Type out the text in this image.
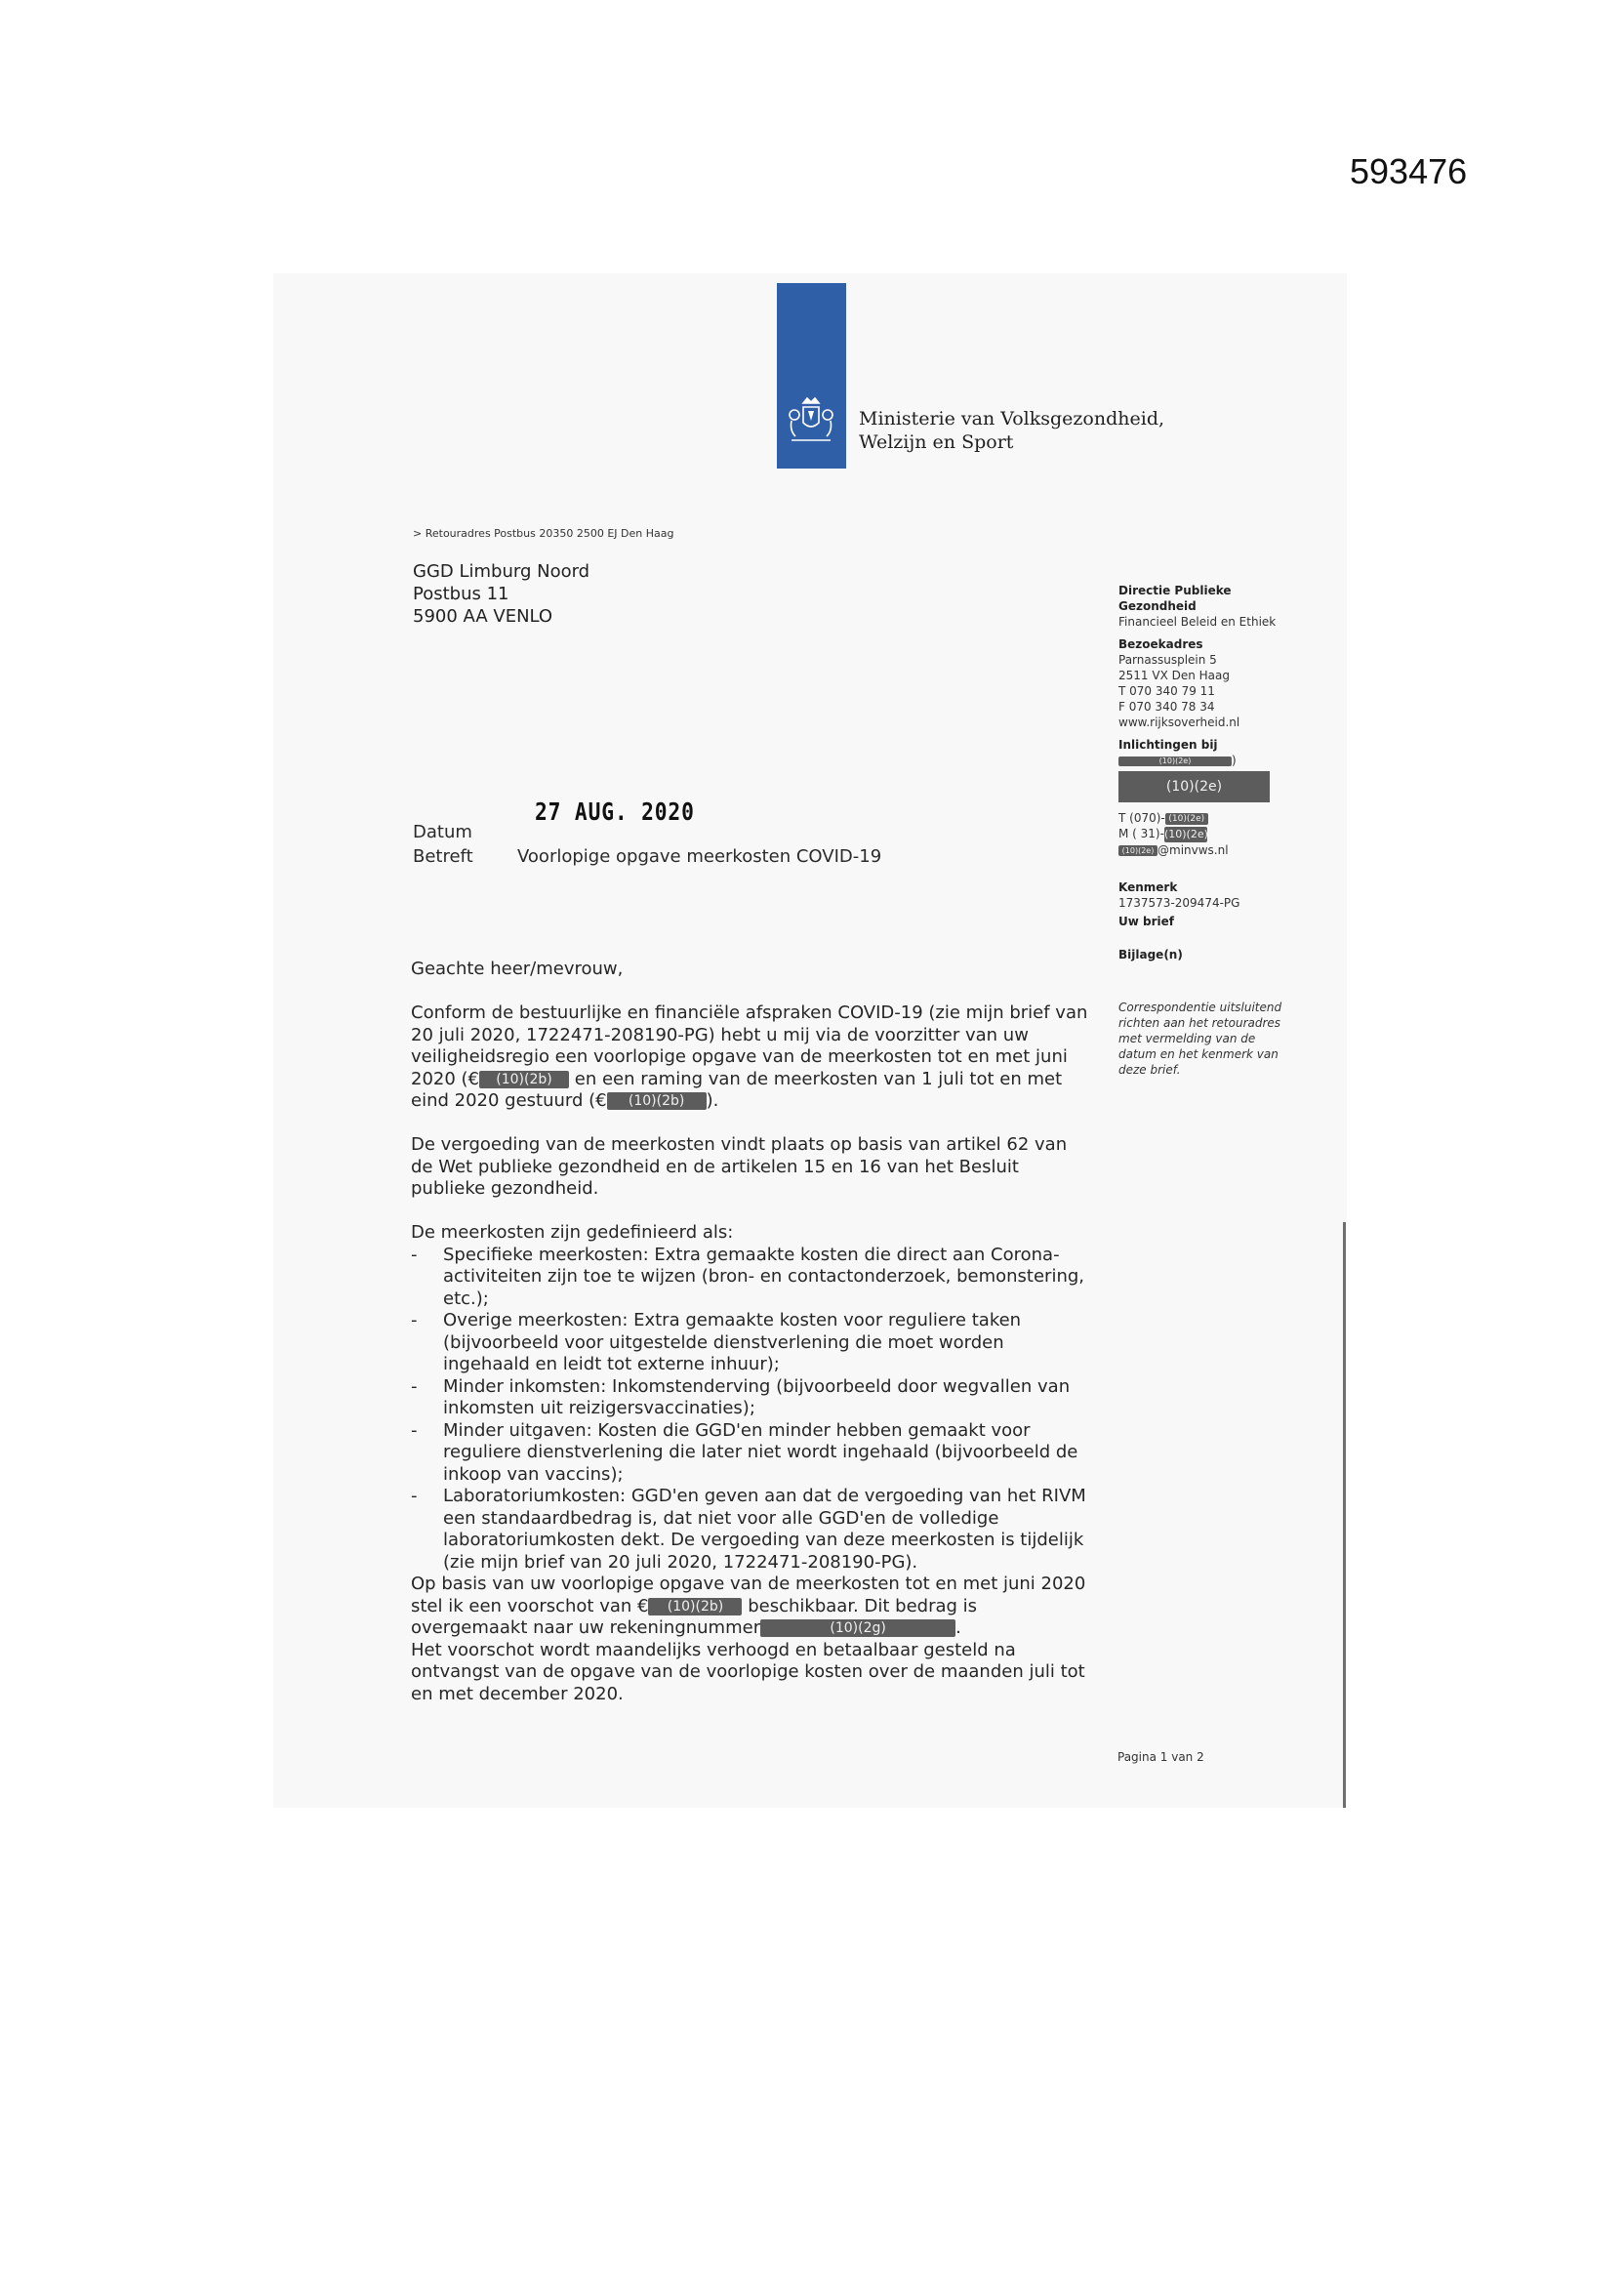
593476
Ministerie van Volksgezondheid,
Welzijn en Sport
> Retouradres Postbus 20350 2500 EJ Den Haag
GGD Limburg Noord
Postbus 11
5900 AA VENLO
27 AUG. 2020
Datum
Betreft	Voorlopige opgave meerkosten COVID-19
Directie Publieke
Gezondheid
Financieel Beleid en Ethiek
Bezoekadres
Parnassusplein 5
2511 VX Den Haag
T 070 340 79 11
F 070 340 78 34
www.rijksoverheid.nl
Inlichtingen bij
(10)(2e)	)
(10)(2e)
T (070)- (10)(2e)
M ( 31)-(10)(2e)
(10)(2e) @minvws.nl
Kenmerk
1737573-209474-PG
Uw brief
Bijlage(n)
Correspondentie uitsluitend richten aan het retouradres met vermelding van de datum en het kenmerk van deze brief.

Geachte heer/mevrouw,

Conform de bestuurlijke en financiële afspraken COVID-19 (zie mijn brief van 20 juli 2020, 1722471-208190-PG) hebt u mij via de voorzitter van uw veiligheidsregio een voorlopige opgave van de meerkosten tot en met juni 2020 (€ (10)(2b) en een raming van de meerkosten van 1 juli tot en met eind 2020 gestuurd (€ (10)(2b) ).

De vergoeding van de meerkosten vindt plaats op basis van artikel 62 van de Wet publieke gezondheid en de artikelen 15 en 16 van het Besluit publieke gezondheid.

De meerkosten zijn gedefinieerd als:

- Specifieke meerkosten: Extra gemaakte kosten die direct aan Corona-activiteiten zijn toe te wijzen (bron- en contactonderzoek, bemonstering, etc.);

- Overige meerkosten: Extra gemaakte kosten voor reguliere taken (bijvoorbeeld voor uitgestelde dienstverlening die moet worden ingehaald en leidt tot externe inhuur);

- Minder inkomsten: Inkomstenderving (bijvoorbeeld door wegvallen van inkomsten uit reizigersvaccinaties);

- Minder uitgaven: Kosten die GGD'en minder hebben gemaakt voor reguliere dienstverlening die later niet wordt ingehaald (bijvoorbeeld de inkoop van vaccins);

- Laboratoriumkosten: GGD'en geven aan dat de vergoeding van het RIVM een standaardbedrag is, dat niet voor alle GGD'en de volledige laboratoriumkosten dekt. De vergoeding van deze meerkosten is tijdelijk (zie mijn brief van 20 juli 2020, 1722471-208190-PG).

Op basis van uw voorlopige opgave van de meerkosten tot en met juni 2020 stel ik een voorschot van € (10)(2b) beschikbaar. Dit bedrag is overgemaakt naar uw rekeningnummer	(10)(2g)	.

Het voorschot wordt maandelijks verhoogd en betaalbaar gesteld na ontvangst van de opgave van de voorlopige kosten over de maanden juli tot en met december 2020.

Pagina 1 van 2
